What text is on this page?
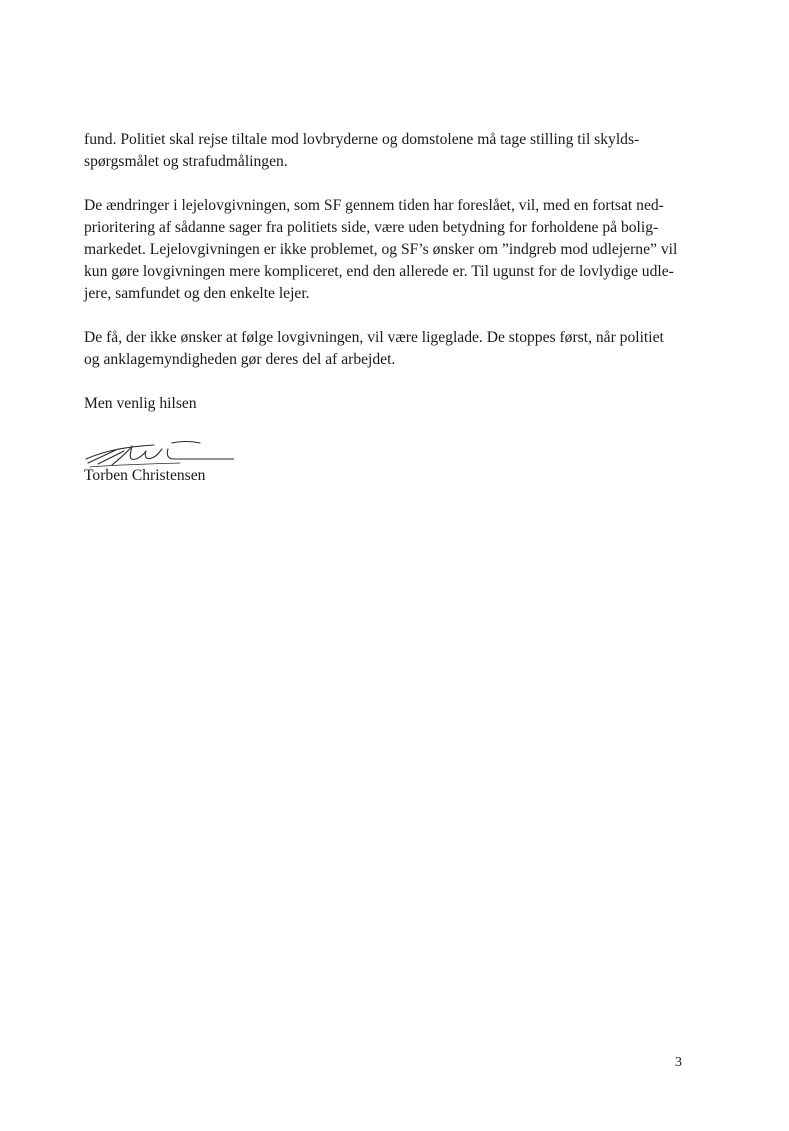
fund. Politiet skal rejse tiltale mod lovbryderne og domstolene må tage stilling til skylds-
spørgsmålet og strafudmålingen.

De ændringer i lejelovgivningen, som SF gennem tiden har foreslået, vil, med en fortsat ned-
prioritering af sådanne sager fra politiets side, være uden betydning for forholdene på bolig-
markedet. Lejelovgivningen er ikke problemet, og SF’s ønsker om ”indgreb mod udlejerne” vil
kun gøre lovgivningen mere kompliceret, end den allerede er. Til ugunst for de lovlydige udle-
jere, samfundet og den enkelte lejer.

De få, der ikke ønsker at følge lovgivningen, vil være ligeglade. De stoppes først, når politiet
og anklagemyndigheden gør deres del af arbejdet.

Men venlig hilsen

Torben Christensen

3
